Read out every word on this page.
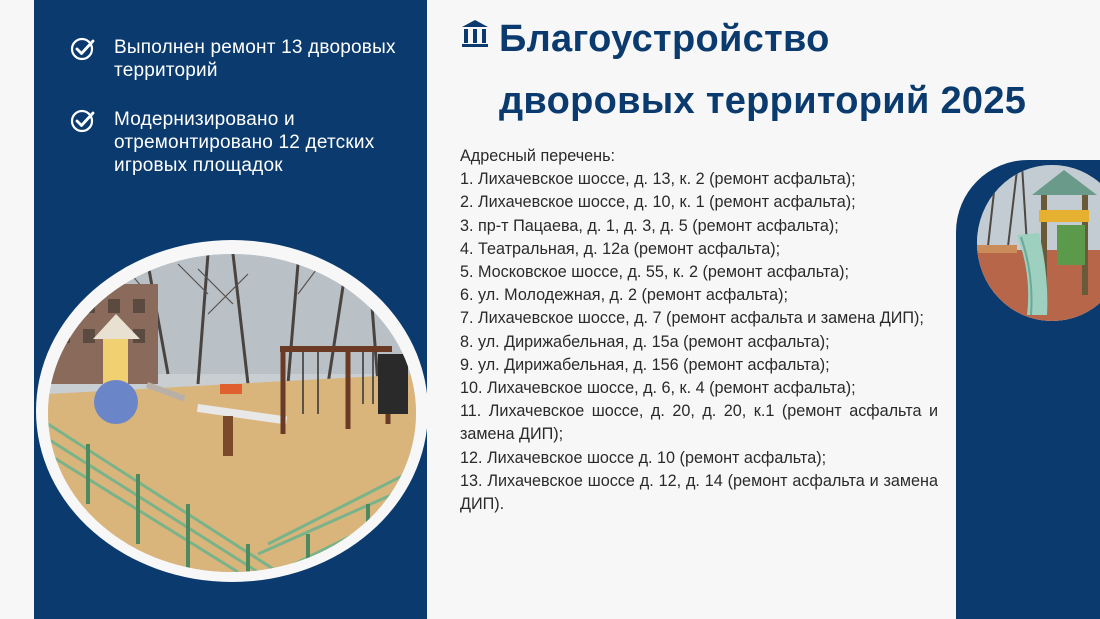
Выполнен ремонт 13 дворовых территорий
Модернизировано и отремонтировано 12 детских игровых площадок
Благоустройство
дворовых территорий 2025
Адресный перечень:
1. Лихачевское шоссе, д. 13, к. 2 (ремонт асфальта);
2. Лихачевское шоссе, д. 10, к. 1 (ремонт асфальта);
3. пр-т Пацаева, д. 1, д. 3, д. 5 (ремонт асфальта);
4. Театральная, д. 12а (ремонт асфальта);
5. Московское шоссе, д. 55, к. 2 (ремонт асфальта);
6. ул. Молодежная, д. 2 (ремонт асфальта);
7. Лихачевское шоссе, д. 7 (ремонт асфальта и замена ДИП);
8. ул. Дирижабельная, д. 15а (ремонт асфальта);
9. ул. Дирижабельная, д. 156 (ремонт асфальта);
10. Лихачевское шоссе, д. 6, к. 4 (ремонт асфальта);
11. Лихачевское шоссе, д. 20, д. 20, к.1 (ремонт асфальта и замена ДИП);
12. Лихачевское шоссе д. 10 (ремонт асфальта);
13. Лихачевское шоссе д. 12, д. 14 (ремонт асфальта и замена ДИП).
